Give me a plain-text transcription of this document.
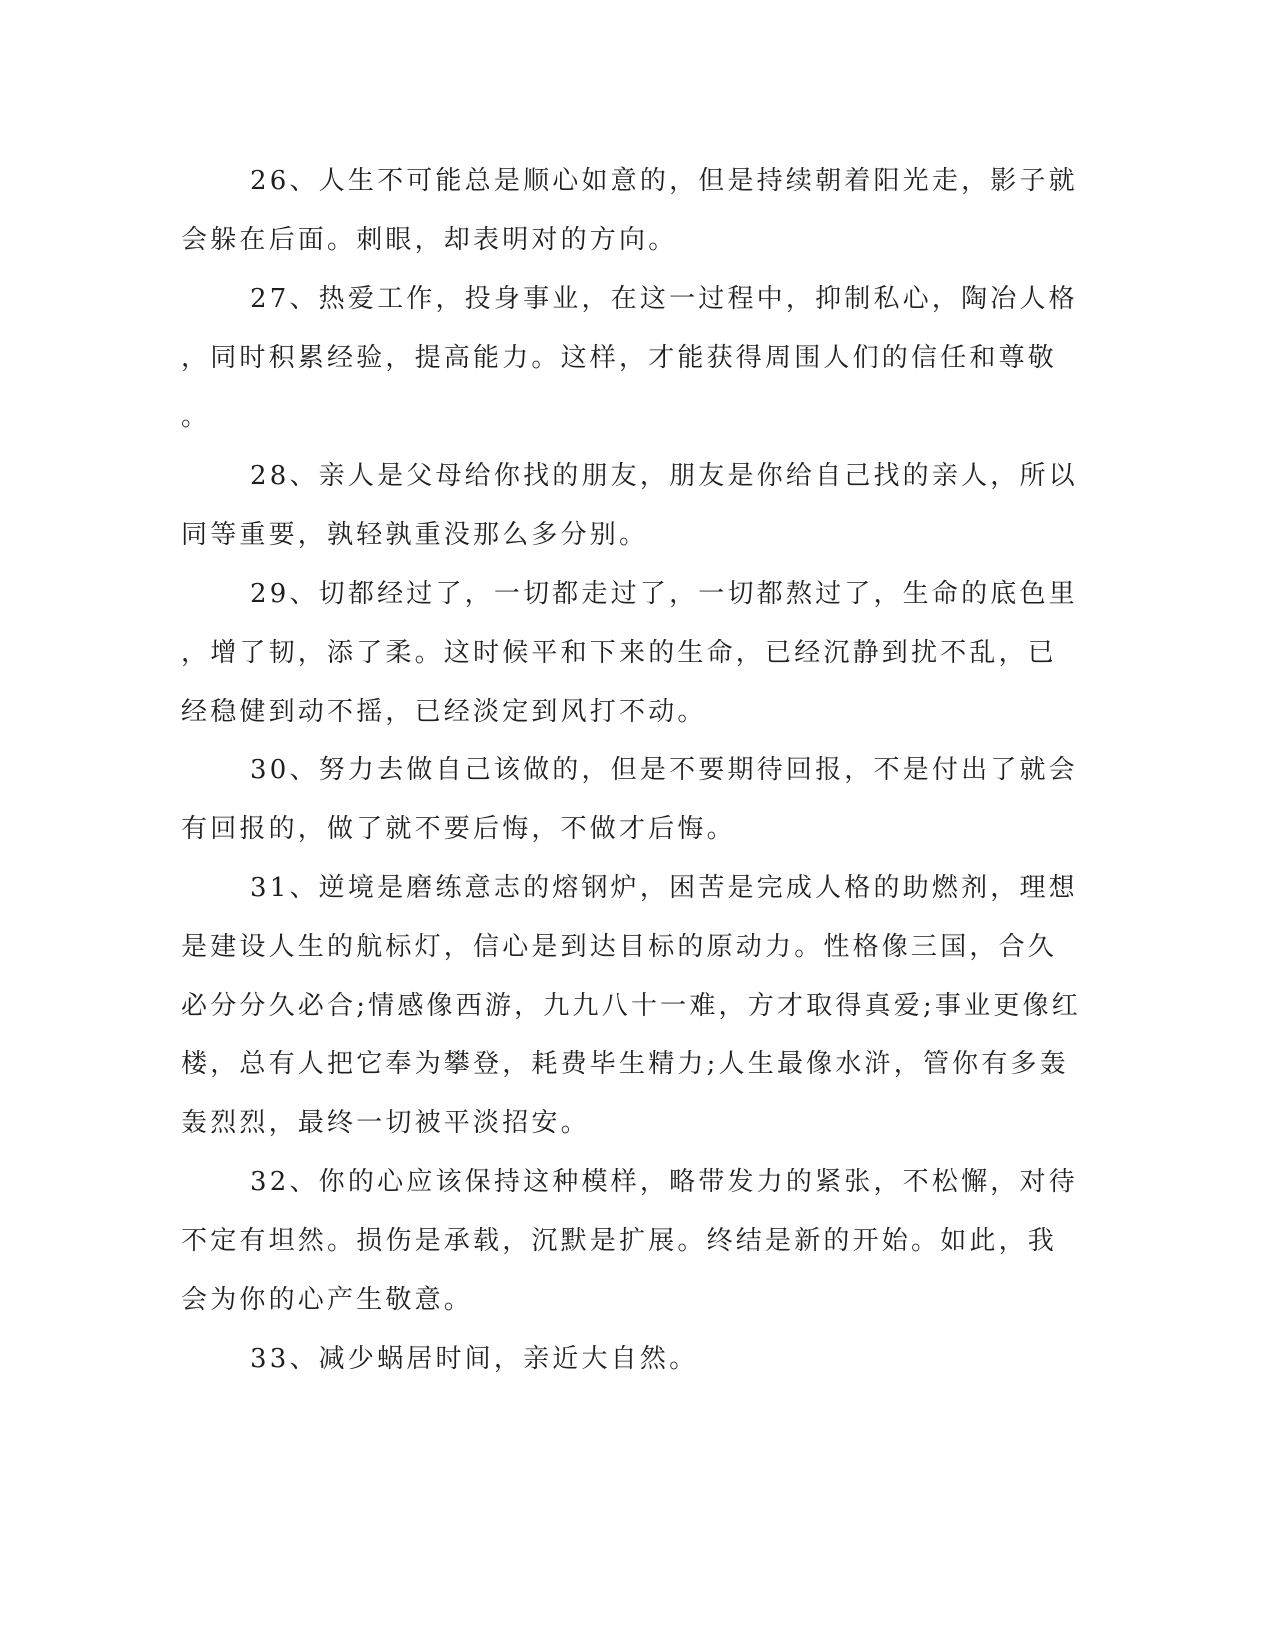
26、人生不可能总是顺心如意的，但是持续朝着阳光走，影子就

会躲在后面。刺眼，却表明对的方向。

27、热爱工作，投身事业，在这一过程中，抑制私心，陶冶人格

，同时积累经验，提高能力。这样，才能获得周围人们的信任和尊敬

。

28、亲人是父母给你找的朋友，朋友是你给自己找的亲人，所以

同等重要，孰轻孰重没那么多分别。

29、切都经过了，一切都走过了，一切都熬过了，生命的底色里

，增了韧，添了柔。这时候平和下来的生命，已经沉静到扰不乱，已

经稳健到动不摇，已经淡定到风打不动。

30、努力去做自己该做的，但是不要期待回报，不是付出了就会

有回报的，做了就不要后悔，不做才后悔。

31、逆境是磨练意志的熔钢炉，困苦是完成人格的助燃剂，理想

是建设人生的航标灯，信心是到达目标的原动力。性格像三国，合久

必分分久必合;情感像西游，九九八十一难，方才取得真爱;事业更像红

楼，总有人把它奉为攀登，耗费毕生精力;人生最像水浒，管你有多轰

轰烈烈，最终一切被平淡招安。

32、你的心应该保持这种模样，略带发力的紧张，不松懈，对待

不定有坦然。损伤是承载，沉默是扩展。终结是新的开始。如此，我

会为你的心产生敬意。

33、减少蜗居时间，亲近大自然。
